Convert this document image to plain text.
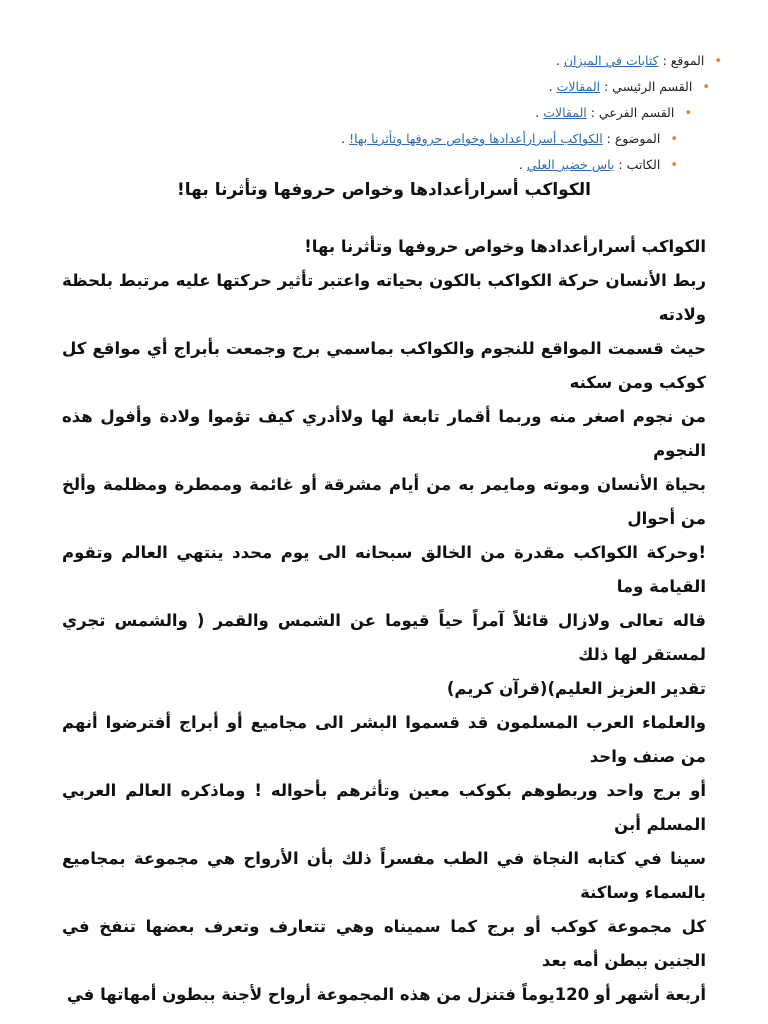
• الموقع : كتابات في الميزان .
• القسم الرئيسي : المقالات .
• القسم الفرعي : المقالات .
• الموضوع : الكواكب أسرارأعدادها وخواص حروفها وتأثرنا بها! .
• الكاتب : ياس خضير العلي .
الكواكب أسرارأعدادها وخواص حروفها وتأثرنا بها!

الكواكب أسرارأعدادها وخواص حروفها وتأثرنا بها!

ربط الأنسان حركة الكواكب بالكون بحياته واعتبر تأثير حركتها عليه مرتبط بلحظة ولادته

حيث قسمت المواقع للنجوم والكواكب بماسمي برج وجمعت بأبراج أي مواقع كل كوكب ومن سكنه

من نجوم اصغر منه وربما أقمار تابعة لها ولاأدري كيف تؤموا ولادة وأفول هذه النجوم

بحياة الأنسان وموته ومايمر به من أيام مشرقة أو غائمة وممطرة ومظلمة وألخ من أحوال

!وحركة الكواكب مقدرة من الخالق سبحانه الى يوم محدد ينتهي العالم وتقوم القيامة وما

قاله تعالى ولازال قائلاً آمراً حياً قيوما عن الشمس والقمر ( والشمس تجري لمستقر لها ذلك

تقدير العزيز العليم)(قرآن كريم)

والعلماء العرب المسلمون قد قسموا البشر الى مجاميع أو أبراج أفترضوا أنهم من صنف واحد

أو برج واحد وربطوهم بكوكب معين وتأثرهم بأحواله ! وماذكره العالم العربي المسلم أبن

سينا في كتابه النجاة في الطب مفسراً ذلك بأن الأرواح هي مجموعة بمجاميع بالسماء وساكنة

كل مجموعة كوكب أو برج كما سميناه وهي تتعارف وتعرف بعضها تنفخ في الجنين ببطن أمه بعد

أربعة أشهر أو 120يوماً فتنزل من هذه المجموعة أرواح لأجنة ببطون أمهاتها في
